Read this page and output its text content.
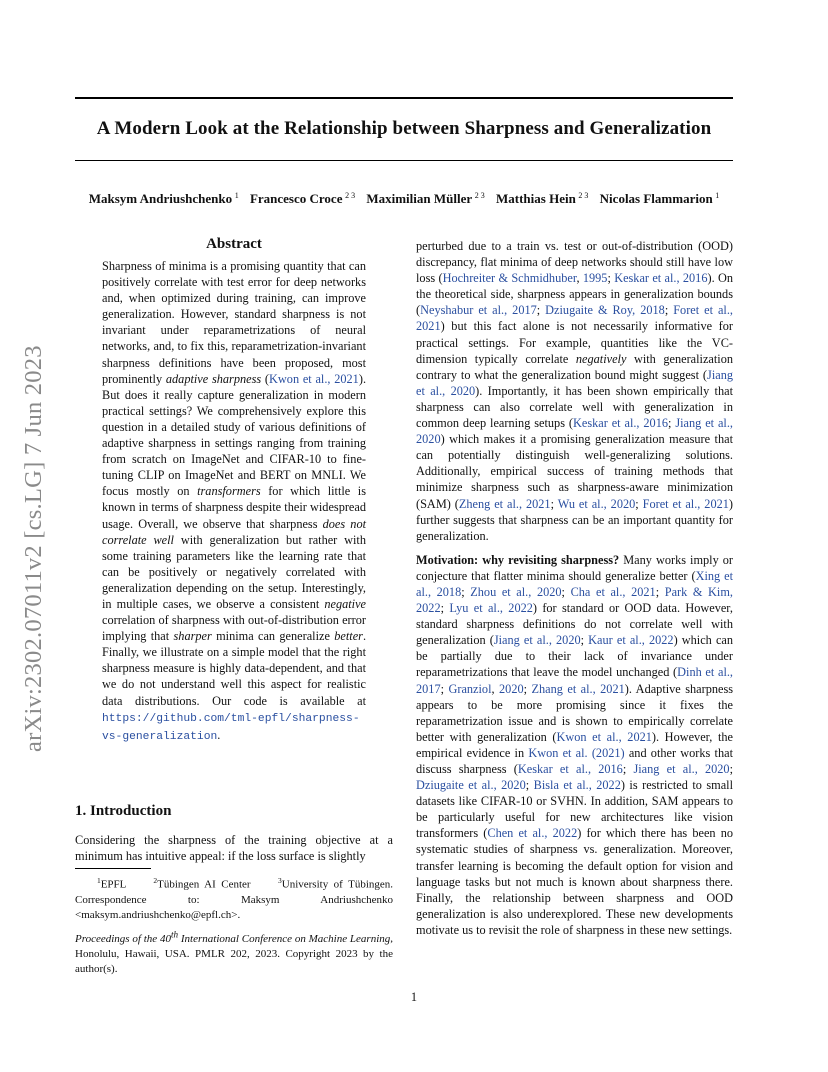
arXiv:2302.07011v2 [cs.LG] 7 Jun 2023
A Modern Look at the Relationship between Sharpness and Generalization
Maksym Andriushchenko  $^1$ Francesco Croce  $^{2 3}$ Maximilian Müller  $^{2 3}$ Matthias Hein  $^{2 3}$ Nicolas Flammarion  $^1$
Abstract
Sharpness of minima is a promising quantity that can positively correlate with test error for deep networks and, when optimized during training, can improve generalization. However, standard sharpness is not invariant under reparametrizations of neural networks, and, to fix this, reparametrization-invariant sharpness definitions have been proposed, most prominently adaptive sharpness (Kwon et al., 2021). But does it really capture generalization in modern practical settings? We comprehensively explore this question in a detailed study of various definitions of adaptive sharpness in settings ranging from training from scratch on ImageNet and CIFAR-10 to fine-tuning CLIP on ImageNet and BERT on MNLI. We focus mostly on transformers for which little is known in terms of sharpness despite their widespread usage. Overall, we observe that sharpness does not correlate well with generalization but rather with some training parameters like the learning rate that can be positively or negatively correlated with generalization depending on the setup. Interestingly, in multiple cases, we observe a consistent negative correlation of sharpness with out-of-distribution error implying that sharper minima can generalize better. Finally, we illustrate on a simple model that the right sharpness measure is highly data-dependent, and that we do not understand well this aspect for realistic data distributions. Our code is available at https://github.com/tml-epfl/sharpness-vs-generalization.
1. Introduction
Considering the sharpness of the training objective at a minimum has intuitive appeal: if the loss surface is slightly
$^1$EPFL	$^2$Tübingen AI Center	$^3$University of Tübingen. Correspondence to: Maksym Andriushchenko <maksym.andriushchenko@epfl.ch>.
Proceedings of the 40th International Conference on Machine Learning, Honolulu, Hawaii, USA. PMLR 202, 2023. Copyright 2023 by the author(s).

perturbed due to a train vs. test or out-of-distribution (OOD) discrepancy, flat minima of deep networks should still have low loss (Hochreiter & Schmidhuber, 1995; Keskar et al., 2016). On the theoretical side, sharpness appears in generalization bounds (Neyshabur et al., 2017; Dziugaite & Roy, 2018; Foret et al., 2021) but this fact alone is not necessarily informative for practical settings. For example, quantities like the VC-dimension typically correlate negatively with generalization contrary to what the generalization bound might suggest (Jiang et al., 2020). Importantly, it has been shown empirically that sharpness can also correlate well with generalization in common deep learning setups (Keskar et al., 2016; Jiang et al., 2020) which makes it a promising generalization measure that can potentially distinguish well-generalizing solutions. Additionally, empirical success of training methods that minimize sharpness such as sharpness-aware minimization (SAM) (Zheng et al., 2021; Wu et al., 2020; Foret et al., 2021) further suggests that sharpness can be an important quantity for generalization.

Motivation: why revisiting sharpness? Many works imply or conjecture that flatter minima should generalize better (Xing et al., 2018; Zhou et al., 2020; Cha et al., 2021; Park & Kim, 2022; Lyu et al., 2022) for standard or OOD data. However, standard sharpness definitions do not correlate well with generalization (Jiang et al., 2020; Kaur et al., 2022) which can be partially due to their lack of invariance under reparametrizations that leave the model unchanged (Dinh et al., 2017; Granziol, 2020; Zhang et al., 2021). Adaptive sharpness appears to be more promising since it fixes the reparametrization issue and is shown to empirically correlate better with generalization (Kwon et al., 2021). However, the empirical evidence in Kwon et al. (2021) and other works that discuss sharpness (Keskar et al., 2016; Jiang et al., 2020; Dziugaite et al., 2020; Bisla et al., 2022) is restricted to small datasets like CIFAR-10 or SVHN. In addition, SAM appears to be particularly useful for new architectures like vision transformers (Chen et al., 2022) for which there has been no systematic studies of sharpness vs. generalization. Moreover, transfer learning is becoming the default option for vision and language tasks but not much is known about sharpness there. Finally, the relationship between sharpness and OOD generalization is also underexplored. These new developments motivate us to revisit the role of sharpness in these new settings.

1
